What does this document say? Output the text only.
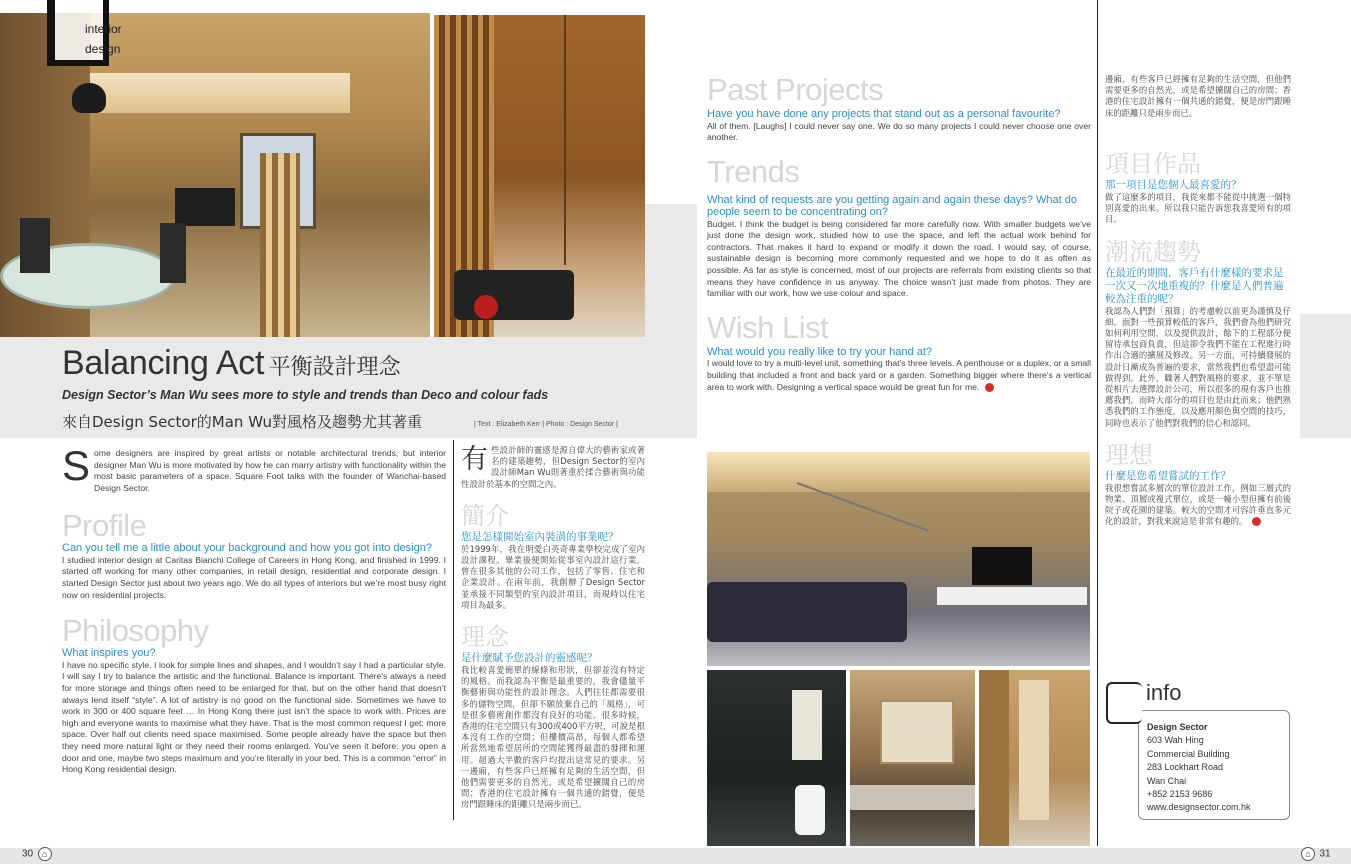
interior
design
Balancing Act 平衡設計理念
Design Sector’s Man Wu sees more to style and trends than Deco and colour fads
來自Design Sector的Man Wu對風格及趨勢尤其著重	| Text : Elizabeth Kerr | Photo : Design Sector |
S ome designers are inspired by great artists or notable architectural trends, but interior designer Man Wu is more motivated by how he can marry artistry with functionality within the most basic parameters of a space. Square Foot talks with the founder of Wanchai-based Design Sector.
Profile
Can you tell me a little about your background and how you got into design?
I studied interior design at Caritas Bianchi College of Careers in Hong Kong, and finished in 1999. I started off working for many other companies, in retail design, residential and corporate design. I started Design Sector just about two years ago. We do all types of interiors but we’re most busy right now on residential projects.
Philosophy
What inspires you?
I have no specific style. I look for simple lines and shapes, and I wouldn’t say I had a particular style. I will say I try to balance the artistic and the functional. Balance is important. There’s always a need for more storage and things often need to be enlarged for that, but on the other hand that doesn’t always lend itself “style”. A lot of artistry is no good on the functional side. Sometimes we have to work in 300 or 400 square feet … In Hong Kong there just isn’t the space to work with. Prices are high and everyone wants to maximise what they have. That is the most common request I get: more space. Over half out clients need space maximised. Some people already have the space but then they need more natural light or they need their rooms enlarged. You’ve seen it before: you open a door and one, maybe two steps maximum and you’re literally in your bed. This is a common “error” in Hong Kong residential design.
有 些設計師的靈感是源自偉大的藝術家或著名的建築趨勢，但Design Sector的室內設計師Man Wu則著重於揉合藝術與功能性設計於基本的空間之內。
簡介
您是怎樣開始室內裝潢的事業呢？
於1999年，我在明愛白英奇專業學校完成了室內設計課程。畢業後便開始從事室內設計這行業，曾在很多其他的公司工作，包括了零售、住宅和企業設計。在兩年前，我創辦了Design Sector並承接不同類型的室內設計項目，而現時以住宅項目為最多。
理念
是什麼賦予您設計的靈感呢？
我比較喜愛簡單的線條和形狀，但卻並沒有特定的風格。而我認為平衡是最重要的，我會儘量平衡藝術與功能性的設計理念。人們往往都需要很多的儲物空間，但卻不願放棄自己的「風格」，可是很多藝術創作都沒有良好的功能。很多時候，香港的住宅空間只有300或400平方呎，可說是根本沒有工作的空間；但樓價高昂，每個人都希望所當然地希望居所的空間能獲得最盡的發揮和運用。超過大半數的客戶均提出這常見的要求。另一邊廂，有些客戶已經擁有足夠的生活空間，但他們需要更多的自然光，或是希望擴闊自己的房間；香港的住宅設計擁有一個共通的錯覺，便是房門跟睡床的距離只是兩步而已。
Past Projects
Have you have done any projects that stand out as a personal favourite?
All of them. [Laughs] I could never say one. We do so many projects I could never choose one over another.
Trends
What kind of requests are you getting again and again these days? What do people seem to be concentrating on?
Budget. I think the budget is being considered far more carefully now. With smaller budgets we’ve just done the design work, studied how to use the space, and left the actual work behind for contractors. That makes it hard to expand or modify it down the road. I would say, of course, sustainable design is becoming more commonly requested and we hope to do it as often as possible. As far as style is concerned, most of our projects are referrals from existing clients so that means they have confidence in us anyway. The choice wasn’t just made from photos. They are familiar with our work, how we use colour and space.
Wish List
What would you really like to try your hand at?
I would love to try a multi-level unit, something that’s three levels. A penthouse or a duplex, or a small building that included a front and back yard or a garden. Something bigger where there’s a vertical area to work with. Designing a vertical space would be great fun for me.
邊廂，有些客戶已經擁有足夠的生活空間，但他們需要更多的自然光，或是希望擴闊自己的房間；香港的住宅設計擁有一個共通的錯覺，便是房門跟睡床的距離只是兩步而已。
項目作品
那一項目是您個人最喜愛的？
做了這麼多的項目，我從來都不能從中挑選一個特別喜愛的出來。所以我只能告訴您我喜愛所有的項目。
潮流趨勢
在最近的期間，客戶有什麼樣的要求是一次又一次地重複的？什麼是人們普遍較為注重的呢？
我認為人們對「預算」的考慮較以前更為謹慎及仔細。面對一些預算較低的客戶，我們會為他們研究如何利用空間，以及提供設計，餘下的工程部分便留待承包商負責，但這卻令我們不能在工程進行時作出合適的擴展及修改。另一方面，可持續發展的設計日漸成為普遍的要求，當然我們也希望盡可能做得到。此外，職著人們對風格的要求，並不單是從相片去選擇設計公司，所以很多的現有客戶也推薦我們，而時大部分的項目也是由此而來；他們熟悉我們的工作態度，以及應用顏色與空間的技巧，同時也表示了他們對我們的信心和認同。
理想
什麼是您希望嘗試的工作？
我很想嘗試多層次的單位設計工作，例如三層式的物業、頂層或複式單位，或是一幢小型但擁有前後院子或花園的建築。較大的空間才可容許垂直多元化的設計，對我來說這是非常有趣的。
info
Design Sector
603 Wah Hing
Commercial Building
283 Lockhart Road
Wan Chai
+852 2153 9686
www.designsector.com.hk
30 ⌂	⌂ 31
